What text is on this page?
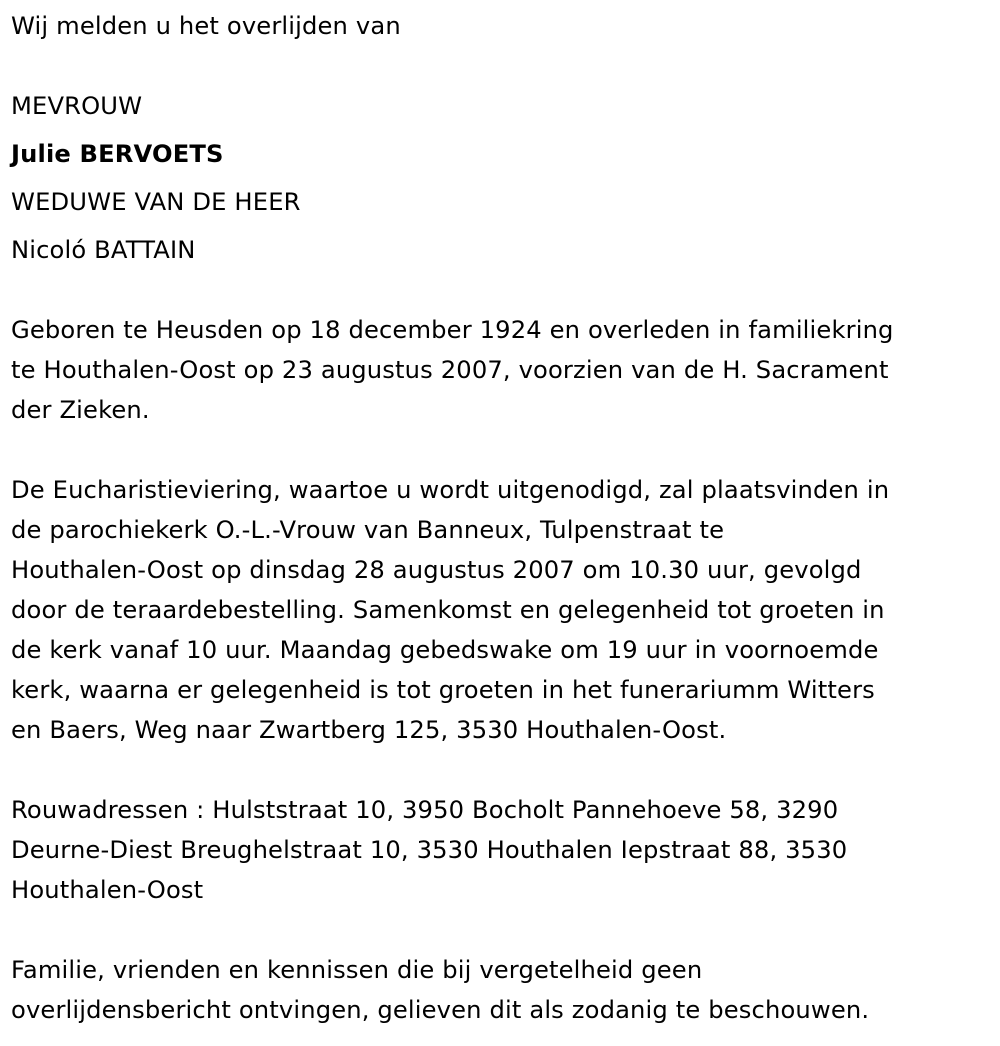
Wij melden u het overlijden van
MEVROUW
Julie BERVOETS
WEDUWE VAN DE HEER
Nicoló BATTAIN
Geboren te Heusden op 18 december 1924 en overleden in familiekring
te Houthalen-Oost op 23 augustus 2007, voorzien van de H. Sacrament
der Zieken.
De Eucharistieviering, waartoe u wordt uitgenodigd, zal plaatsvinden in
de parochiekerk O.-L.-Vrouw van Banneux, Tulpenstraat te
Houthalen-Oost op dinsdag 28 augustus 2007 om 10.30 uur, gevolgd
door de teraardebestelling. Samenkomst en gelegenheid tot groeten in
de kerk vanaf 10 uur. Maandag gebedswake om 19 uur in voornoemde
kerk, waarna er gelegenheid is tot groeten in het funerariumm Witters
en Baers, Weg naar Zwartberg 125, 3530 Houthalen-Oost.
Rouwadressen : Hulststraat 10, 3950 Bocholt Pannehoeve 58, 3290
Deurne-Diest Breughelstraat 10, 3530 Houthalen Iepstraat 88, 3530
Houthalen-Oost
Familie, vrienden en kennissen die bij vergetelheid geen
overlijdensbericht ontvingen, gelieven dit als zodanig te beschouwen.
